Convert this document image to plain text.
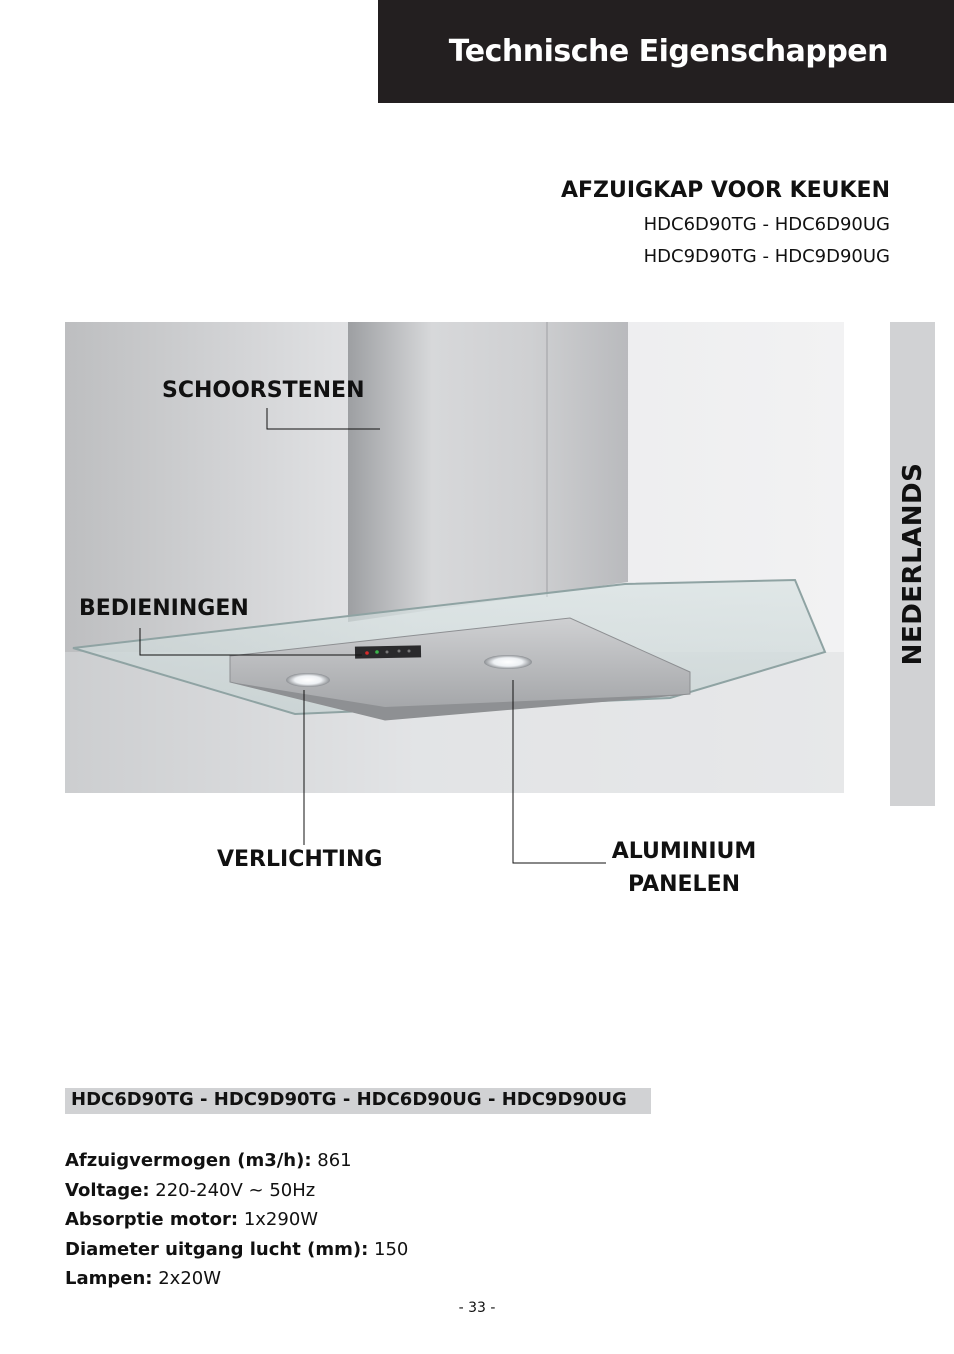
Technische Eigenschappen
AFZUIGKAP VOOR KEUKEN
HDC6D90TG - HDC6D90UG
HDC9D90TG - HDC9D90UG
NEDERLANDS
SCHOORSTENEN
BEDIENINGEN
VERLICHTING	ALUMINIUM
PANELEN
HDC6D90TG - HDC9D90TG - HDC6D90UG - HDC9D90UG
Afzuigvermogen (m3/h): 861
Voltage: 220-240V ~ 50Hz
Absorptie motor: 1x290W
Diameter uitgang lucht (mm): 150
Lampen: 2x20W
- 33 -
